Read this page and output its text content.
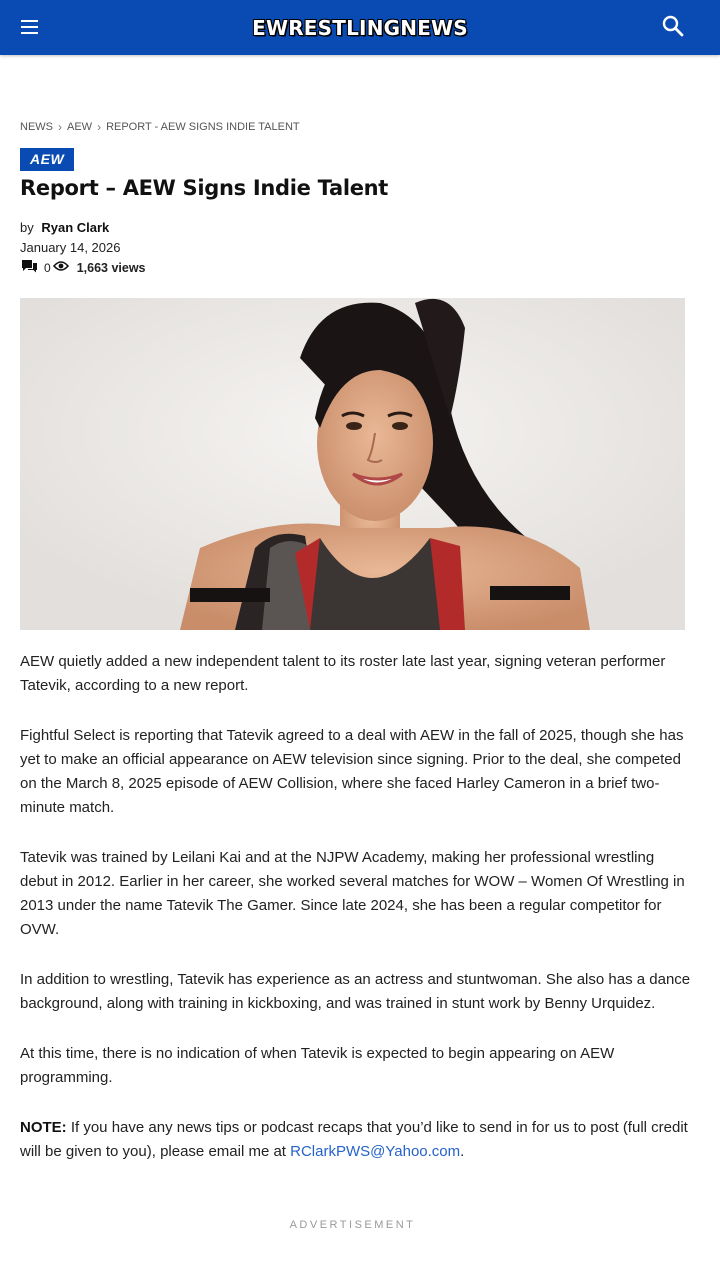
EWRESTLINGNEWS
NEWS › AEW › REPORT - AEW SIGNS INDIE TALENT
AEW
Report – AEW Signs Indie Talent
by Ryan Clark
January 14, 2026
0 1,663 views

AEW quietly added a new independent talent to its roster late last year, signing veteran performer Tatevik, according to a new report.

Fightful Select is reporting that Tatevik agreed to a deal with AEW in the fall of 2025, though she has yet to make an official appearance on AEW television since signing. Prior to the deal, she competed on the March 8, 2025 episode of AEW Collision, where she faced Harley Cameron in a brief two-minute match.

Tatevik was trained by Leilani Kai and at the NJPW Academy, making her professional wrestling debut in 2012. Earlier in her career, she worked several matches for WOW – Women Of Wrestling in 2013 under the name Tatevik The Gamer. Since late 2024, she has been a regular competitor for OVW.

In addition to wrestling, Tatevik has experience as an actress and stuntwoman. She also has a dance background, along with training in kickboxing, and was trained in stunt work by Benny Urquidez.

At this time, there is no indication of when Tatevik is expected to begin appearing on AEW programming.

NOTE: If you have any news tips or podcast recaps that you’d like to send in for us to post (full credit will be given to you), please email me at RClarkPWS@Yahoo.com.

ADVERTISEMENT
